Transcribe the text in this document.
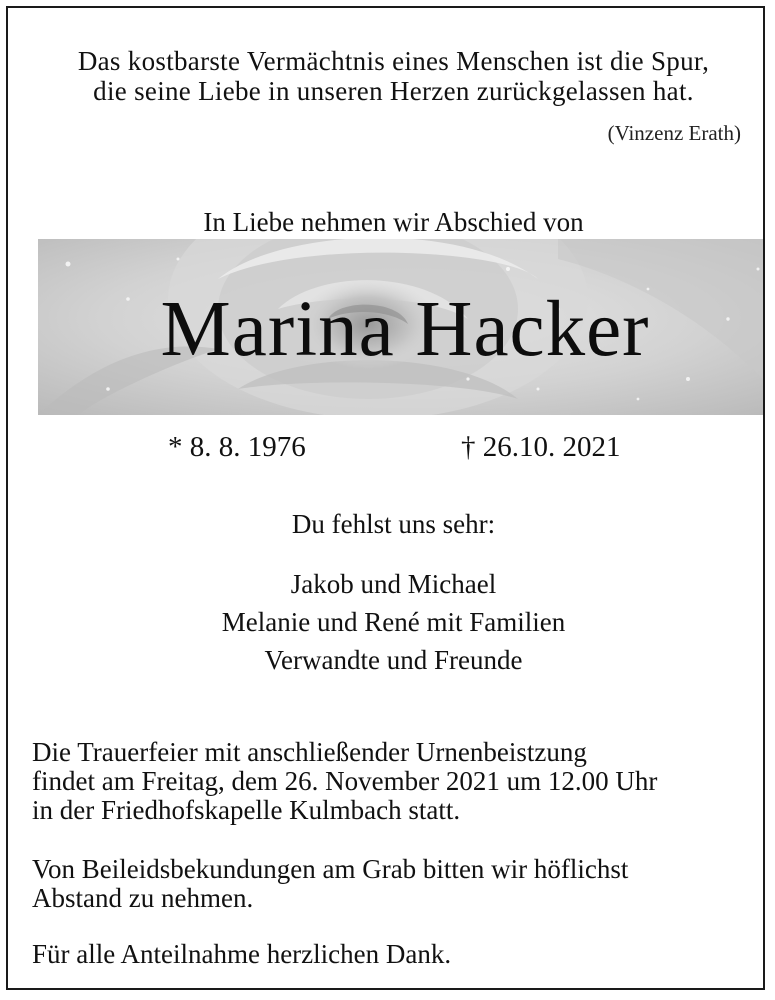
Das kostbarste Vermächtnis eines Menschen ist die Spur,
die seine Liebe in unseren Herzen zurückgelassen hat.
(Vinzenz Erath)
In Liebe nehmen wir Abschied von
Marina Hacker
* 8. 8. 1976	† 26.10. 2021
Du fehlst uns sehr:
Jakob und Michael
Melanie und René mit Familien
Verwandte und Freunde
Die Trauerfeier mit anschließender Urnenbeistzung
findet am Freitag, dem 26. November 2021 um 12.00 Uhr
in der Friedhofskapelle Kulmbach statt.
Von Beileidsbekundungen am Grab bitten wir höflichst
Abstand zu nehmen.
Für alle Anteilnahme herzlichen Dank.
